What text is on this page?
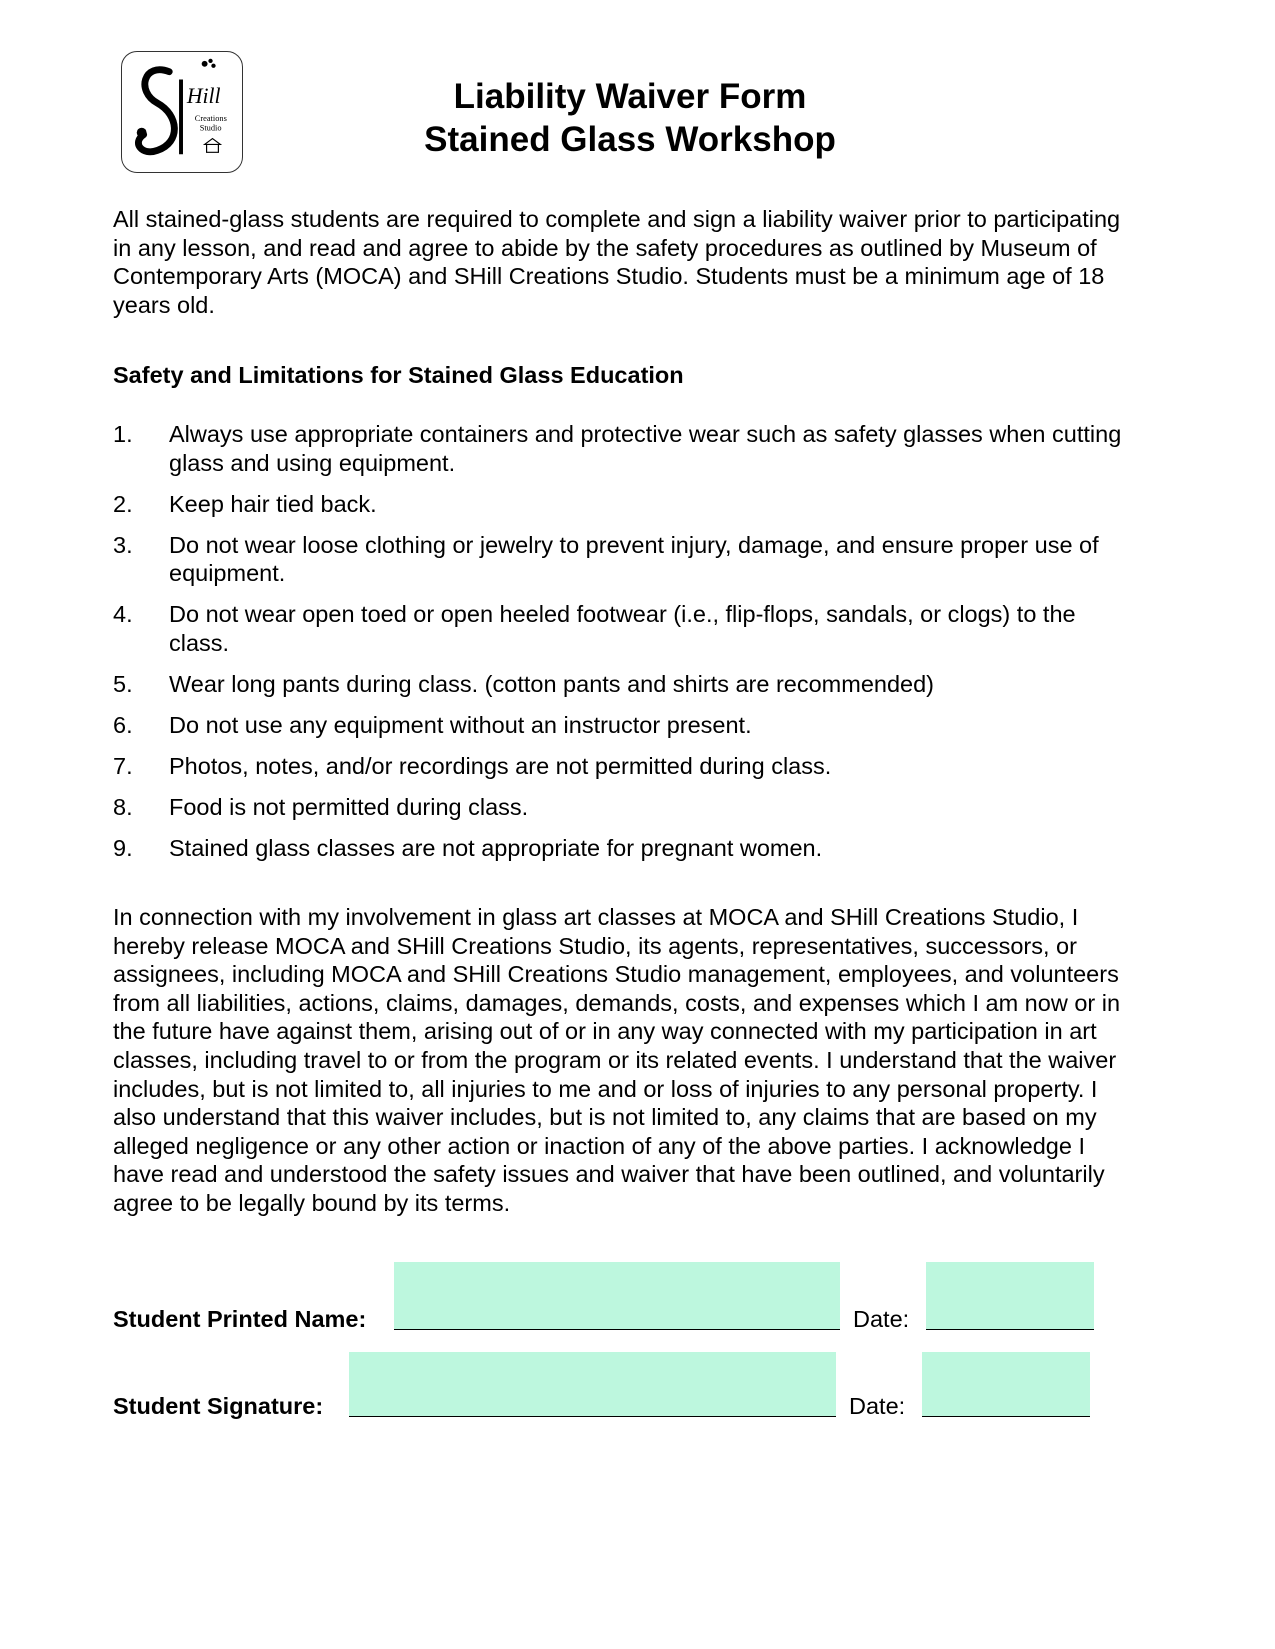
Hill
Creations
Studio
Liability Waiver Form
Stained Glass Workshop

All stained-glass students are required to complete and sign a liability waiver prior to participating in any lesson, and read and agree to abide by the safety procedures as outlined by Museum of Contemporary Arts (MOCA) and SHill Creations Studio. Students must be a minimum age of 18 years old.

Safety and Limitations for Stained Glass Education
1. Always use appropriate containers and protective wear such as safety glasses when cutting glass and using equipment.
2. Keep hair tied back.
3. Do not wear loose clothing or jewelry to prevent injury, damage, and ensure proper use of equipment.
4. Do not wear open toed or open heeled footwear (i.e., flip-flops, sandals, or clogs) to the class.
5. Wear long pants during class. (cotton pants and shirts are recommended)
6. Do not use any equipment without an instructor present.
7. Photos, notes, and/or recordings are not permitted during class.
8. Food is not permitted during class.
9. Stained glass classes are not appropriate for pregnant women.

In connection with my involvement in glass art classes at MOCA and SHill Creations Studio, I hereby release MOCA and SHill Creations Studio, its agents, representatives, successors, or assignees, including MOCA and SHill Creations Studio management, employees, and volunteers from all liabilities, actions, claims, damages, demands, costs, and expenses which I am now or in the future have against them, arising out of or in any way connected with my participation in art classes, including travel to or from the program or its related events. I understand that the waiver includes, but is not limited to, all injuries to me and or loss of injuries to any personal property. I also understand that this waiver includes, but is not limited to, any claims that are based on my alleged negligence or any other action or inaction of any of the above parties. I acknowledge I have read and understood the safety issues and waiver that have been outlined, and voluntarily agree to be legally bound by its terms.

Student Printed Name:	Date:
Student Signature:	Date:
